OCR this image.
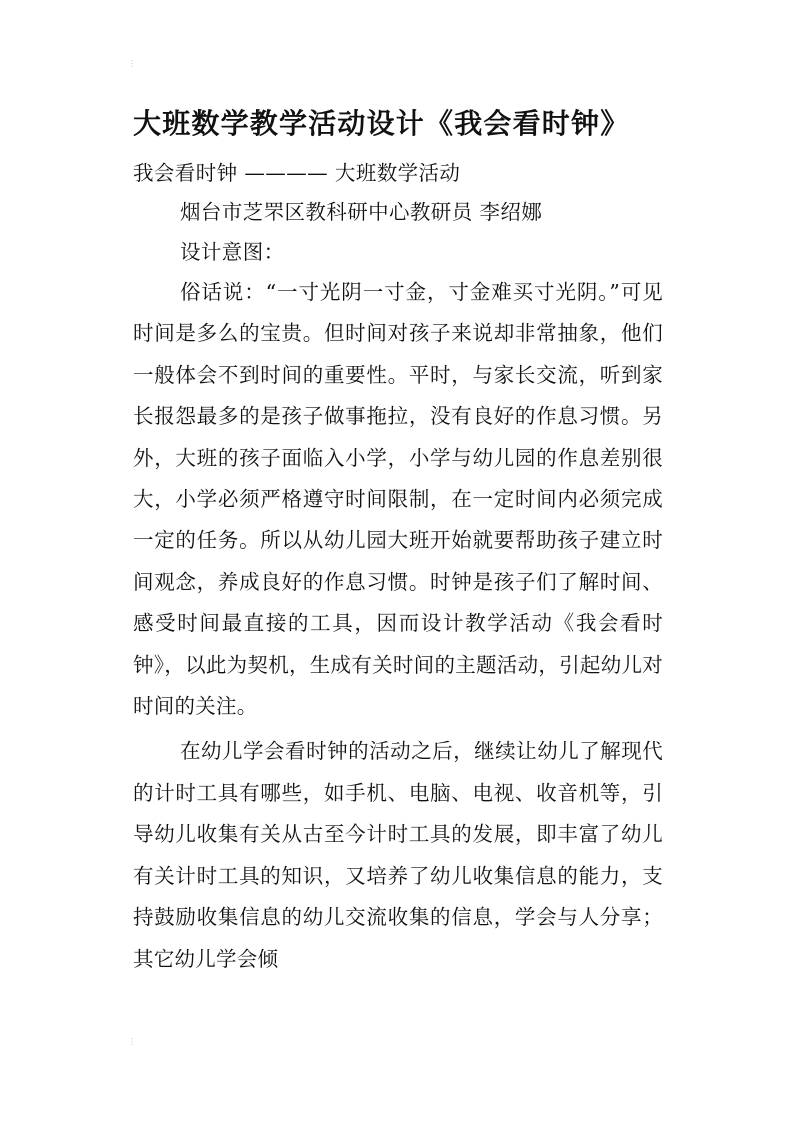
⋮
⋮
大班数学教学活动设计《我会看时钟》

我会看时钟 ———— 大班数学活动

烟台市芝罘区教科研中心教研员 李绍娜

设计意图：

俗话说：“一寸光阴一寸金，寸金难买寸光阴。”可见时间是多么的宝贵。但时间对孩子来说却非常抽象，他们一般体会不到时间的重要性。平时，与家长交流，听到家长报怨最多的是孩子做事拖拉，没有良好的作息习惯。另外，大班的孩子面临入小学，小学与幼儿园的作息差别很大，小学必须严格遵守时间限制，在一定时间内必须完成一定的任务。所以从幼儿园大班开始就要帮助孩子建立时间观念，养成良好的作息习惯。时钟是孩子们了解时间、感受时间最直接的工具，因而设计教学活动《我会看时钟》，以此为契机，生成有关时间的主题活动，引起幼儿对时间的关注。

在幼儿学会看时钟的活动之后，继续让幼儿了解现代的计时工具有哪些，如手机、电脑、电视、收音机等，引导幼儿收集有关从古至今计时工具的发展，即丰富了幼儿有关计时工具的知识，又培养了幼儿收集信息的能力，支持鼓励收集信息的幼儿交流收集的信息，学会与人分享；其它幼儿学会倾
